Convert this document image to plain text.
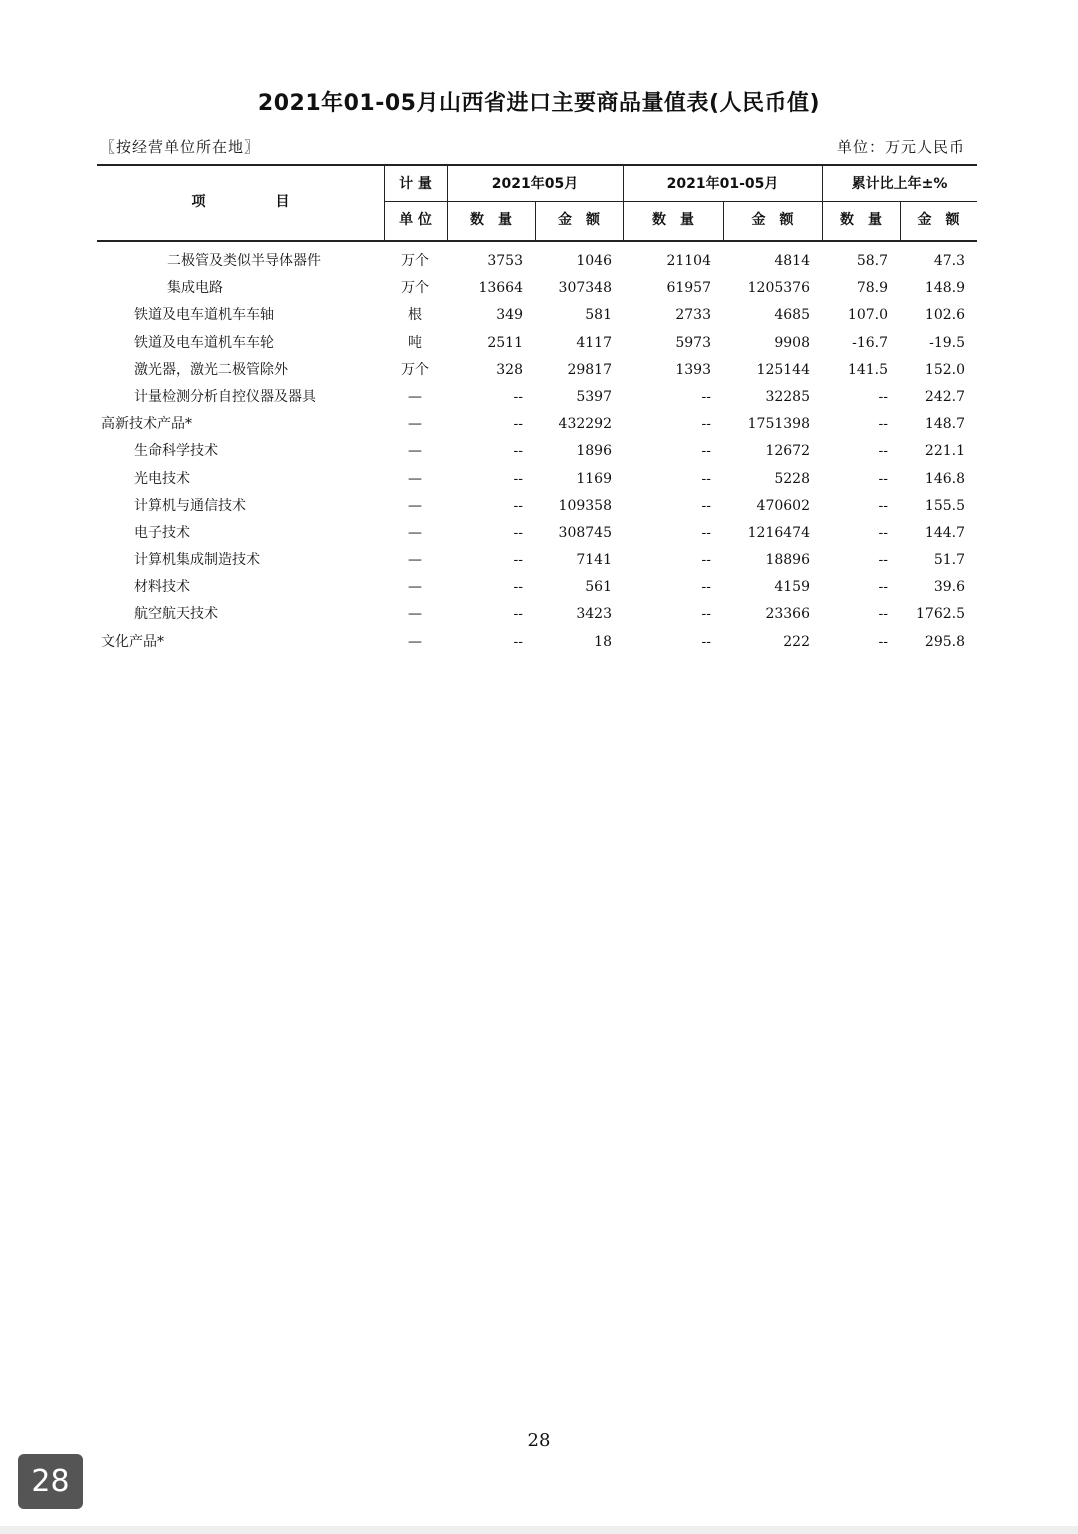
2021年01-05月山西省进口主要商品量值表(人民币值)
〖按经营单位所在地〗	单位：万元人民币
项　　　　　目
计 量
单 位
2021年05月	2021年01-05月	累计比上年±%
数　量	金　额	数　量	金　额	数　量	金　额
二极管及类似半导体器件	万个	3753	1046	21104	4814	58.7	47.3
集成电路	万个	13664	307348	61957	1205376	78.9	148.9
铁道及电车道机车车轴	根	349	581	2733	4685	107.0	102.6
铁道及电车道机车车轮	吨	2511	4117	5973	9908	-16.7	-19.5
激光器，激光二极管除外	万个	328	29817	1393	125144	141.5	152.0
计量检测分析自控仪器及器具	—	--	5397	--	32285	--	242.7
高新技术产品*	—	--	432292	--	1751398	--	148.7
生命科学技术	—	--	1896	--	12672	--	221.1
光电技术	—	--	1169	--	5228	--	146.8
计算机与通信技术	—	--	109358	--	470602	--	155.5
电子技术	—	--	308745	--	1216474	--	144.7
计算机集成制造技术	—	--	7141	--	18896	--	51.7
材料技术	—	--	561	--	4159	--	39.6
航空航天技术	—	--	3423	--	23366	-- 1762.5
文化产品*	—	--	18	--	222	--	295.8
28
28
